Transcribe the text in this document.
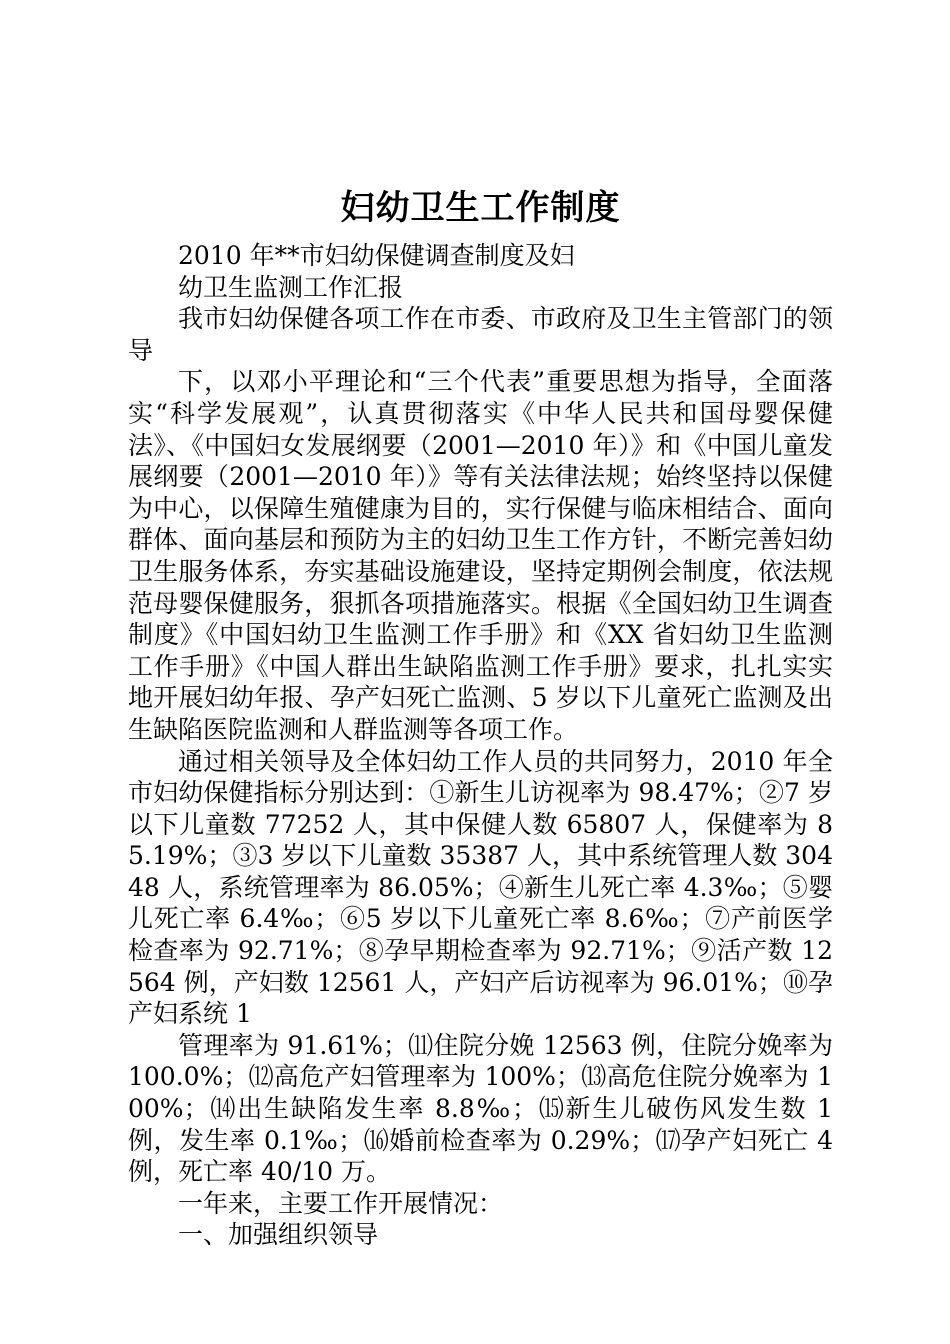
妇幼卫生工作制度

2010 年**市妇幼保健调查制度及妇

幼卫生监测工作汇报

我市妇幼保健各项工作在市委、市政府及卫生主管部门的领导

下，以邓小平理论和“三个代表”重要思想为指导，全面落实“科学发展观”，认真贯彻落实《中华人民共和国母婴保健法》、《中国妇女发展纲要（2001—2010 年）》和《中国儿童发展纲要（2001—2010 年）》等有关法律法规；始终坚持以保健为中心，以保障生殖健康为目的，实行保健与临床相结合、面向群体、面向基层和预防为主的妇幼卫生工作方针，不断完善妇幼卫生服务体系，夯实基础设施建设，坚持定期例会制度，依法规范母婴保健服务，狠抓各项措施落实。根据《全国妇幼卫生调查制度》《中国妇幼卫生监测工作手册》和《XX 省妇幼卫生监测工作手册》《中国人群出生缺陷监测工作手册》要求，扎扎实实地开展妇幼年报、孕产妇死亡监测、5 岁以下儿童死亡监测及出生缺陷医院监测和人群监测等各项工作。

通过相关领导及全体妇幼工作人员的共同努力，2010 年全市妇幼保健指标分别达到：①新生儿访视率为 98.47%；②7 岁以下儿童数 77252 人，其中保健人数 65807 人，保健率为 85.19%；③3 岁以下儿童数 35387 人，其中系统管理人数 30448 人，系统管理率为 86.05%；④新生儿死亡率 4.3‰；⑤婴儿死亡率 6.4‰；⑥5 岁以下儿童死亡率 8.6‰；⑦产前医学检查率为 92.71%；⑧孕早期检查率为 92.71%；⑨活产数 12564 例，产妇数 12561 人，产妇产后访视率为 96.01%；⑩孕产妇系统 1

管理率为 91.61%；⑾住院分娩 12563 例，住院分娩率为 100.0%；⑿高危产妇管理率为 100%；⒀高危住院分娩率为 100%；⒁出生缺陷发生率 8.8‰；⒂新生儿破伤风发生数 1 例，发生率 0.1‰；⒃婚前检查率为 0.29%；⒄孕产妇死亡 4 例，死亡率 40/10 万。

一年来，主要工作开展情况：

一、加强组织领导
